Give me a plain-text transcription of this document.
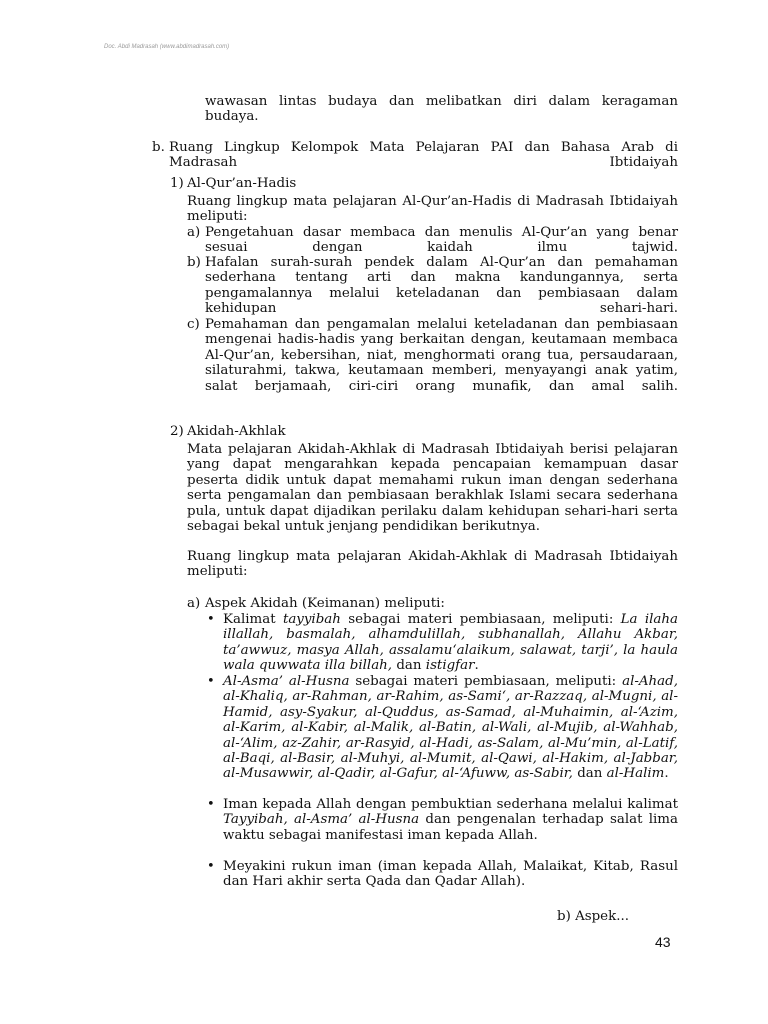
Doc. Abdi Madrasah (www.abdimadrasah.com)
wawasan lintas budaya dan melibatkan diri dalam keragaman budaya.
b. Ruang Lingkup Kelompok Mata Pelajaran PAI dan Bahasa Arab di Madrasah Ibtidaiyah
1) Al-Qur’an-Hadis
Ruang lingkup mata pelajaran Al-Qur’an-Hadis di Madrasah Ibtidaiyah meliputi:
a) Pengetahuan dasar membaca dan menulis Al-Qur’an yang benar sesuai dengan kaidah ilmu tajwid.
b) Hafalan surah-surah pendek dalam Al-Qur’an dan pemahaman sederhana tentang arti dan makna kandungannya, serta pengamalannya melalui keteladanan dan pembiasaan dalam kehidupan sehari-hari.
c) Pemahaman dan pengamalan melalui keteladanan dan pembiasaan mengenai hadis-hadis yang berkaitan dengan, keutamaan membaca Al-Qur’an, kebersihan, niat, menghormati orang tua, persaudaraan, silaturahmi, takwa, keutamaan memberi, menyayangi anak yatim, salat berjamaah, ciri-ciri orang munafik, dan amal salih.
2) Akidah-Akhlak
Mata pelajaran Akidah-Akhlak di Madrasah Ibtidaiyah berisi pelajaran yang dapat mengarahkan kepada pencapaian kemampuan dasar peserta didik untuk dapat memahami rukun iman dengan sederhana serta pengamalan dan pembiasaan berakhlak Islami secara sederhana pula, untuk dapat dijadikan perilaku dalam kehidupan sehari-hari serta sebagai bekal untuk jenjang pendidikan berikutnya.
Ruang lingkup mata pelajaran Akidah-Akhlak di Madrasah Ibtidaiyah meliputi:
a) Aspek Akidah (Keimanan) meliputi:
• Kalimat tayyibah sebagai materi pembiasaan, meliputi: La ilaha illallah, basmalah, alhamdulillah, subhanallah, Allahu Akbar, ta’awwuz, masya Allah, assalamu‘alaikum, salawat, tarji’, la haula wala quwwata illa billah, dan istigfar.
• Al-Asma’ al-Husna sebagai materi pembiasaan, meliputi: al-Ahad, al-Khaliq, ar-Rahman, ar-Rahim, as-Sami‘, ar-Razzaq, al-Mugni, al-Hamid, asy-Syakur, al-Quddus, as-Samad, al-Muhaimin, al-‘Azim, al-Karim, al-Kabir, al-Malik, al-Batin, al-Wali, al-Mujib, al-Wahhab, al-‘Alim, az-Zahir, ar-Rasyid, al-Hadi, as-Salam, al-Mu’min, al-Latif, al-Baqi, al-Basir, al-Muhyi, al-Mumit, al-Qawi, al-Hakim, al-Jabbar, al-Musawwir, al-Qadir, al-Gafur, al-‘Afuww, as-Sabir, dan al-Halim.
• Iman kepada Allah dengan pembuktian sederhana melalui kalimat Tayyibah, al-Asma’ al-Husna dan pengenalan terhadap salat lima waktu sebagai manifestasi iman kepada Allah.
• Meyakini rukun iman (iman kepada Allah, Malaikat, Kitab, Rasul dan Hari akhir serta Qada dan Qadar Allah).
b) Aspek...
43
